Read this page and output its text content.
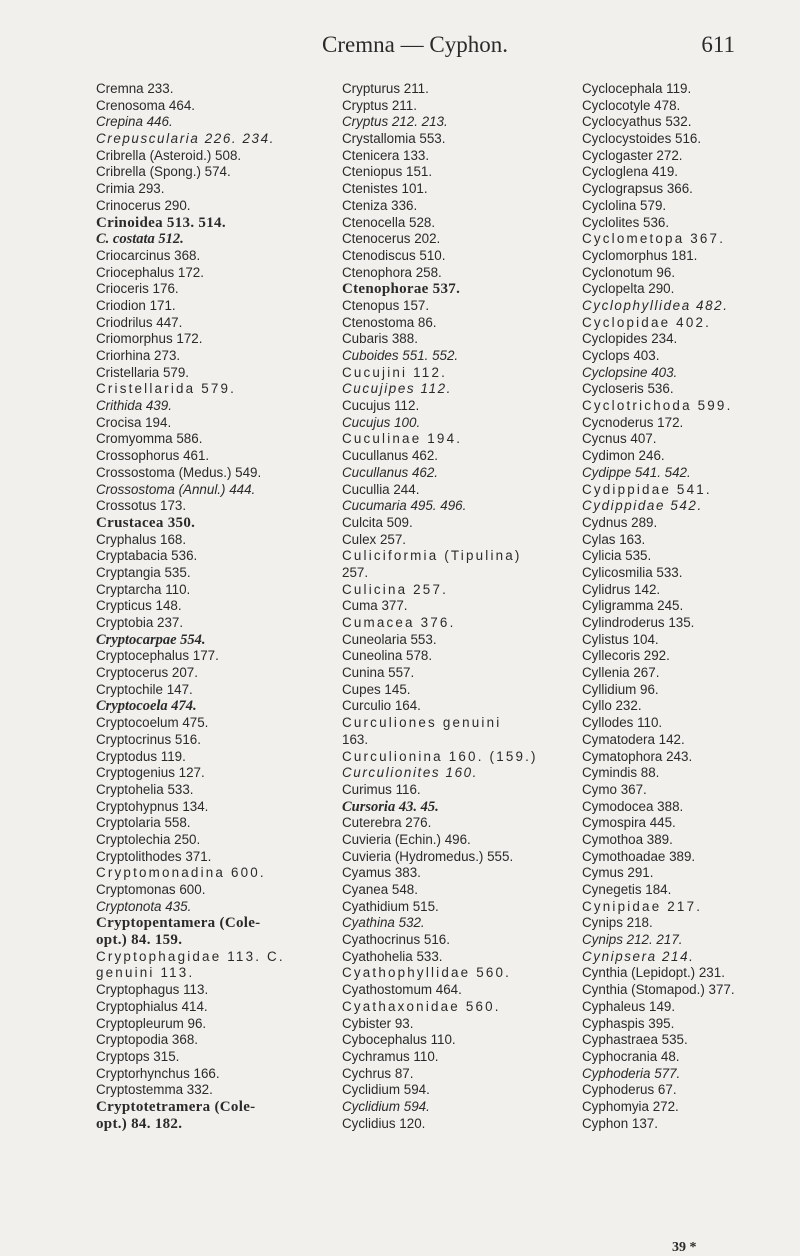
Cremna — Cyphon.	611
Cremna 233.
Crenosoma 464.
Crepina 446.
Crepuscularia 226. 234.
Cribrella (Asteroid.) 508.
Cribrella (Spong.) 574.
Crimia 293.
Crinocerus 290.
Crinoidea 513. 514.
C. costata 512.
Criocarcinus 368.
Criocephalus 172.
Crioceris 176.
Criodion 171.
Criodrilus 447.
Criomorphus 172.
Criorhina 273.
Cristellaria 579.
Cristellarida 579.
Crithida 439.
Crocisa 194.
Cromyomma 586.
Crossophorus 461.
Crossostoma (Medus.) 549.
Crossostoma (Annul.) 444.
Crossotus 173.
Crustacea 350.
Cryphalus 168.
Cryptabacia 536.
Cryptangia 535.
Cryptarcha 110.
Crypticus 148.
Cryptobia 237.
Cryptocarpae 554.
Cryptocephalus 177.
Cryptocerus 207.
Cryptochile 147.
Cryptocoela 474.
Cryptocoelum 475.
Cryptocrinus 516.
Cryptodus 119.
Cryptogenius 127.
Cryptohelia 533.
Cryptohypnus 134.
Cryptolaria 558.
Cryptolechia 250.
Cryptolithodes 371.
Cryptomonadina 600.
Cryptomonas 600.
Cryptonota 435.
Cryptopentamera (Cole-
opt.) 84. 159.
Cryptophagidae 113. C.
genuini 113.
Cryptophagus 113.
Cryptophialus 414.
Cryptopleurum 96.
Cryptopodia 368.
Cryptops 315.
Cryptorhynchus 166.
Cryptostemma 332.
Cryptotetramera (Cole-
opt.) 84. 182.
Crypturus 211.
Cryptus 211.
Cryptus 212. 213.
Crystallomia 553.
Ctenicera 133.
Cteniopus 151.
Ctenistes 101.
Cteniza 336.
Ctenocella 528.
Ctenocerus 202.
Ctenodiscus 510.
Ctenophora 258.
Ctenophorae 537.
Ctenopus 157.
Ctenostoma 86.
Cubaris 388.
Cuboides 551. 552.
Cucujini 112.
Cucujipes 112.
Cucujus 112.
Cucujus 100.
Cuculinae 194.
Cucullanus 462.
Cucullanus 462.
Cucullia 244.
Cucumaria 495. 496.
Culcita 509.
Culex 257.
Culiciformia (Tipulina)
257.
Culicina 257.
Cuma 377.
Cumacea 376.
Cuneolaria 553.
Cuneolina 578.
Cunina 557.
Cupes 145.
Curculio 164.
Curculiones genuini
163.
Curculionina 160. (159.)
Curculionites 160.
Curimus 116.
Cursoria 43. 45.
Cuterebra 276.
Cuvieria (Echin.) 496.
Cuvieria (Hydromedus.) 555.
Cyamus 383.
Cyanea 548.
Cyathidium 515.
Cyathina 532.
Cyathocrinus 516.
Cyathohelia 533.
Cyathophyllidae 560.
Cyathostomum 464.
Cyathaxonidae 560.
Cybister 93.
Cybocephalus 110.
Cychramus 110.
Cychrus 87.
Cyclidium 594.
Cyclidium 594.
Cyclidius 120.
Cyclocephala 119.
Cyclocotyle 478.
Cyclocyathus 532.
Cyclocystoides 516.
Cyclogaster 272.
Cycloglena 419.
Cyclograpsus 366.
Cyclolina 579.
Cyclolites 536.
Cyclometopa 367.
Cyclomorphus 181.
Cyclonotum 96.
Cyclopelta 290.
Cyclophyllidea 482.
Cyclopidae 402.
Cyclopides 234.
Cyclops 403.
Cyclopsine 403.
Cycloseris 536.
Cyclotrichoda 599.
Cycnoderus 172.
Cycnus 407.
Cydimon 246.
Cydippe 541. 542.
Cydippidae 541.
Cydippidae 542.
Cydnus 289.
Cylas 163.
Cylicia 535.
Cylicosmilia 533.
Cylidrus 142.
Cyligramma 245.
Cylindroderus 135.
Cylistus 104.
Cyllecoris 292.
Cyllenia 267.
Cyllidium 96.
Cyllo 232.
Cyllodes 110.
Cymatodera 142.
Cymatophora 243.
Cymindis 88.
Cymo 367.
Cymodocea 388.
Cymospira 445.
Cymothoa 389.
Cymothoadae 389.
Cymus 291.
Cynegetis 184.
Cynipidae 217.
Cynips 218.
Cynips 212. 217.
Cynipsera 214.
Cynthia (Lepidopt.) 231.
Cynthia (Stomapod.) 377.
Cyphaleus 149.
Cyphaspis 395.
Cyphastraea 535.
Cyphocrania 48.
Cyphoderia 577.
Cyphoderus 67.
Cyphomyia 272.
Cyphon 137.
39 *
